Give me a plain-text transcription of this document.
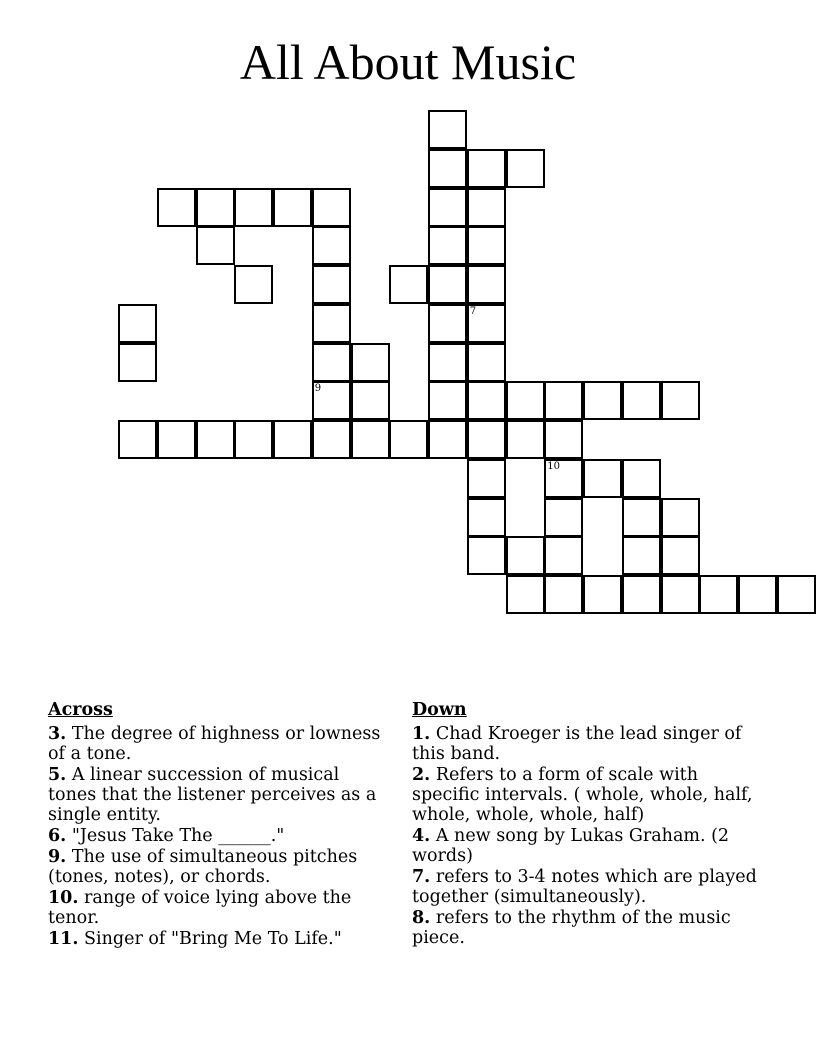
All About Music
9
7
10
Across
3. The degree of highness or lowness of a tone.
5. A linear succession of musical tones that the listener perceives as a single entity.
6. "Jesus Take The ______."
9. The use of simultaneous pitches (tones, notes), or chords.
10. range of voice lying above the tenor.
11. Singer of "Bring Me To Life."
Down
1. Chad Kroeger is the lead singer of this band.
2. Refers to a form of scale with specific intervals. ( whole, whole, half, whole, whole, whole, half)
4. A new song by Lukas Graham. (2 words)
7. refers to 3-4 notes which are played together (simultaneously).
8. refers to the rhythm of the music piece.
